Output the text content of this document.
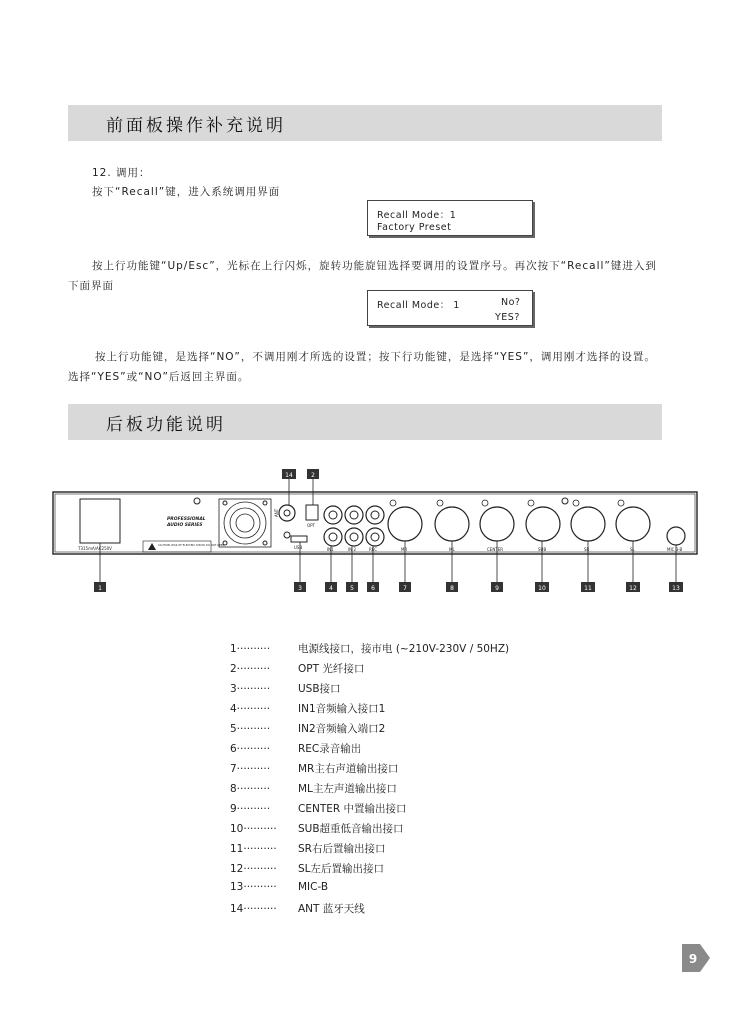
前面板操作补充说明
12. 调用：
按下“Recall”键，进入系统调用界面
Recall Mode：1
Factory Preset
按上行功能键“Up/Esc”，光标在上行闪烁，旋转功能旋钮选择要调用的设置序号。再次按下“Recall”键进入到
下面界面
Recall Mode： 1	No?
YES?
按上行功能键，是选择“NO”，不调用刚才所选的设置；按下行功能键，是选择“YES”，调用刚才选择的设置。
选择“YES”或“NO”后返回主界面。
后板功能说明
T315mA/AC250V
PROFESSIONAL
AUDIO SERIES
CAUTION: RISK OF ELECTRIC SHOCK DO NOT OPEN
ANT
OPT
USB	IN1	IN 2	REC	MR	ML	CENTER	SUB	SR	SL	MIC 3-B
1
2
3	4	5	6	7	8	9	10	11	12	13
14
1··········	电源线接口，接市电 (~210V-230V / 50HZ)
2··········	OPT 光纤接口
3··········	USB接口
4··········	IN1音频输入接口1
5··········	IN2音频输入端口2
6··········	REC录音输出
7··········	MR主右声道输出接口
8··········	ML主左声道输出接口
9··········	CENTER 中置输出接口
10·········· SUB超重低音输出接口
11·········· SR右后置输出接口
12·········· SL左后置输出接口
13·········· MIC-B
14·········· ANT 蓝牙天线
9
